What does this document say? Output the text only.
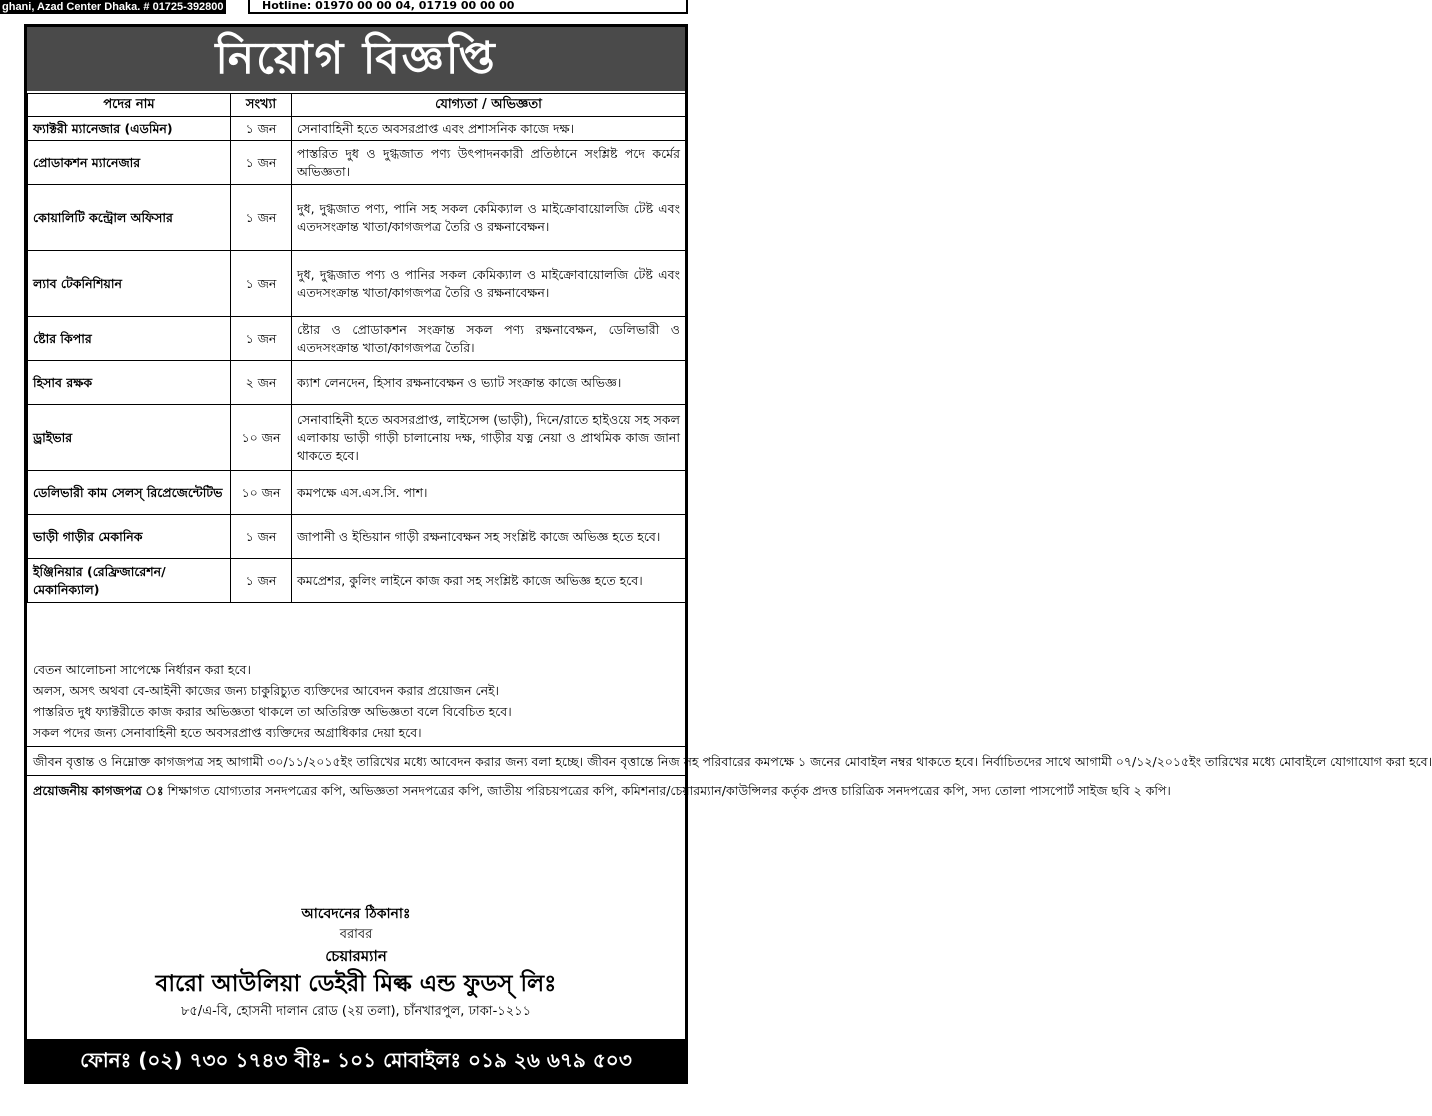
ghani, Azad Center Dhaka. # 01725-392800	Hotline: 01970 00 00 04, 01719 00 00 00
নিয়োগ বিজ্ঞপ্তি
পদের নাম	সংখ্যা	যোগ্যতা / অভিজ্ঞতা
ফ্যাক্টরী ম্যানেজার (এডমিন)	১ জন	সেনাবাহিনী হতে অবসরপ্রাপ্ত এবং প্রশাসনিক কাজে দক্ষ।
প্রোডাকশন ম্যানেজার	১ জন	পাস্তরিত দুধ ও দুগ্ধজাত পণ্য উৎপাদনকারী প্রতিষ্ঠানে সংশ্লিষ্ট পদে কর্মের অভিজ্ঞতা।
কোয়ালিটি কন্ট্রোল অফিসার	১ জন	দুধ, দুগ্ধজাত পণ্য, পানি সহ সকল কেমিক্যাল ও মাইক্রোবায়োলজি টেষ্ট এবং এতদসংক্রান্ত খাতা/কাগজপত্র তৈরি ও রক্ষনাবেক্ষন।
ল্যাব টেকনিশিয়ান	১ জন	দুধ, দুগ্ধজাত পণ্য ও পানির সকল কেমিক্যাল ও মাইক্রোবায়োলজি টেষ্ট এবং এতদসংক্রান্ত খাতা/কাগজপত্র তৈরি ও রক্ষনাবেক্ষন।
ষ্টোর কিপার	১ জন	ষ্টোর ও প্রোডাকশন সংক্রান্ত সকল পণ্য রক্ষনাবেক্ষন, ডেলিভারী ও এতদসংক্রান্ত খাতা/কাগজপত্র তৈরি।
হিসাব রক্ষক	২ জন	ক্যাশ লেনদেন, হিসাব রক্ষনাবেক্ষন ও ভ্যাট সংক্রান্ত কাজে অভিজ্ঞ।
ড্রাইভার	১০ জন	সেনাবাহিনী হতে অবসরপ্রাপ্ত, লাইসেন্স (ভাড়ী), দিনে/রাতে হাইওয়ে সহ সকল এলাকায় ভাড়ী গাড়ী চালানোয় দক্ষ, গাড়ীর যত্ন নেয়া ও প্রাথমিক কাজ জানা থাকতে হবে।
ডেলিভারী কাম সেলস্ রিপ্রেজেন্টেটিভ	১০ জন	কমপক্ষে এস.এস.সি. পাশ।
ভাড়ী গাড়ীর মেকানিক	১ জন	জাপানী ও ইন্ডিয়ান গাড়ী রক্ষনাবেক্ষন সহ সংশ্লিষ্ট কাজে অভিজ্ঞ হতে হবে।
ইঞ্জিনিয়ার (রেফ্রিজারেশন/ মেকানিক্যাল)	১ জন	কমপ্রেশর, কুলিং লাইনে কাজ করা সহ সংশ্লিষ্ট কাজে অভিজ্ঞ হতে হবে।

বেতন আলোচনা সাপেক্ষে নির্ধারন করা হবে।

অলস, অসৎ অথবা বে-আইনী কাজের জন্য চাকুরিচ্যুত ব্যক্তিদের আবেদন করার প্রয়োজন নেই।

পাস্তরিত দুধ ফ্যাক্টরীতে কাজ করার অভিজ্ঞতা থাকলে তা অতিরিক্ত অভিজ্ঞতা বলে বিবেচিত হবে।

সকল পদের জন্য সেনাবাহিনী হতে অবসরপ্রাপ্ত ব্যক্তিদের অগ্রাধিকার দেয়া হবে।

জীবন বৃত্তান্ত ও নিম্নোক্ত কাগজপত্র সহ আগামী ৩০/১১/২০১৫ইং তারিখের মধ্যে আবেদন করার জন্য বলা হচ্ছে। জীবন বৃত্তান্তে নিজ সহ পরিবারের কমপক্ষে ১ জনের মোবাইল নম্বর থাকতে হবে। নির্বাচিতদের সাথে আগামী ০৭/১২/২০১৫ইং তারিখের মধ্যে মোবাইলে যোগাযোগ করা হবে।

প্রয়োজনীয় কাগজপত্র ঃ শিক্ষাগত যোগ্যতার সনদপত্রের কপি, অভিজ্ঞতা সনদপত্রের কপি, জাতীয় পরিচয়পত্রের কপি, কমিশনার/চেয়ারম্যান/কাউন্সিলর কর্তৃক প্রদত্ত চারিত্রিক সনদপত্রের কপি, সদ্য তোলা পাসপোর্ট সাইজ ছবি ২ কপি।

আবেদনের ঠিকানাঃ
বরাবর
চেয়ারম্যান
বারো আউলিয়া ডেইরী মিল্ক এন্ড ফুডস্ লিঃ
৮৫/এ-বি, হোসনী দালান রোড (২য় তলা), চাঁনখারপুল, ঢাকা-১২১১
ফোনঃ (০২) ৭৩০ ১৭৪৩ বীঃ- ১০১ মোবাইলঃ ০১৯ ২৬ ৬৭৯ ৫০৩
